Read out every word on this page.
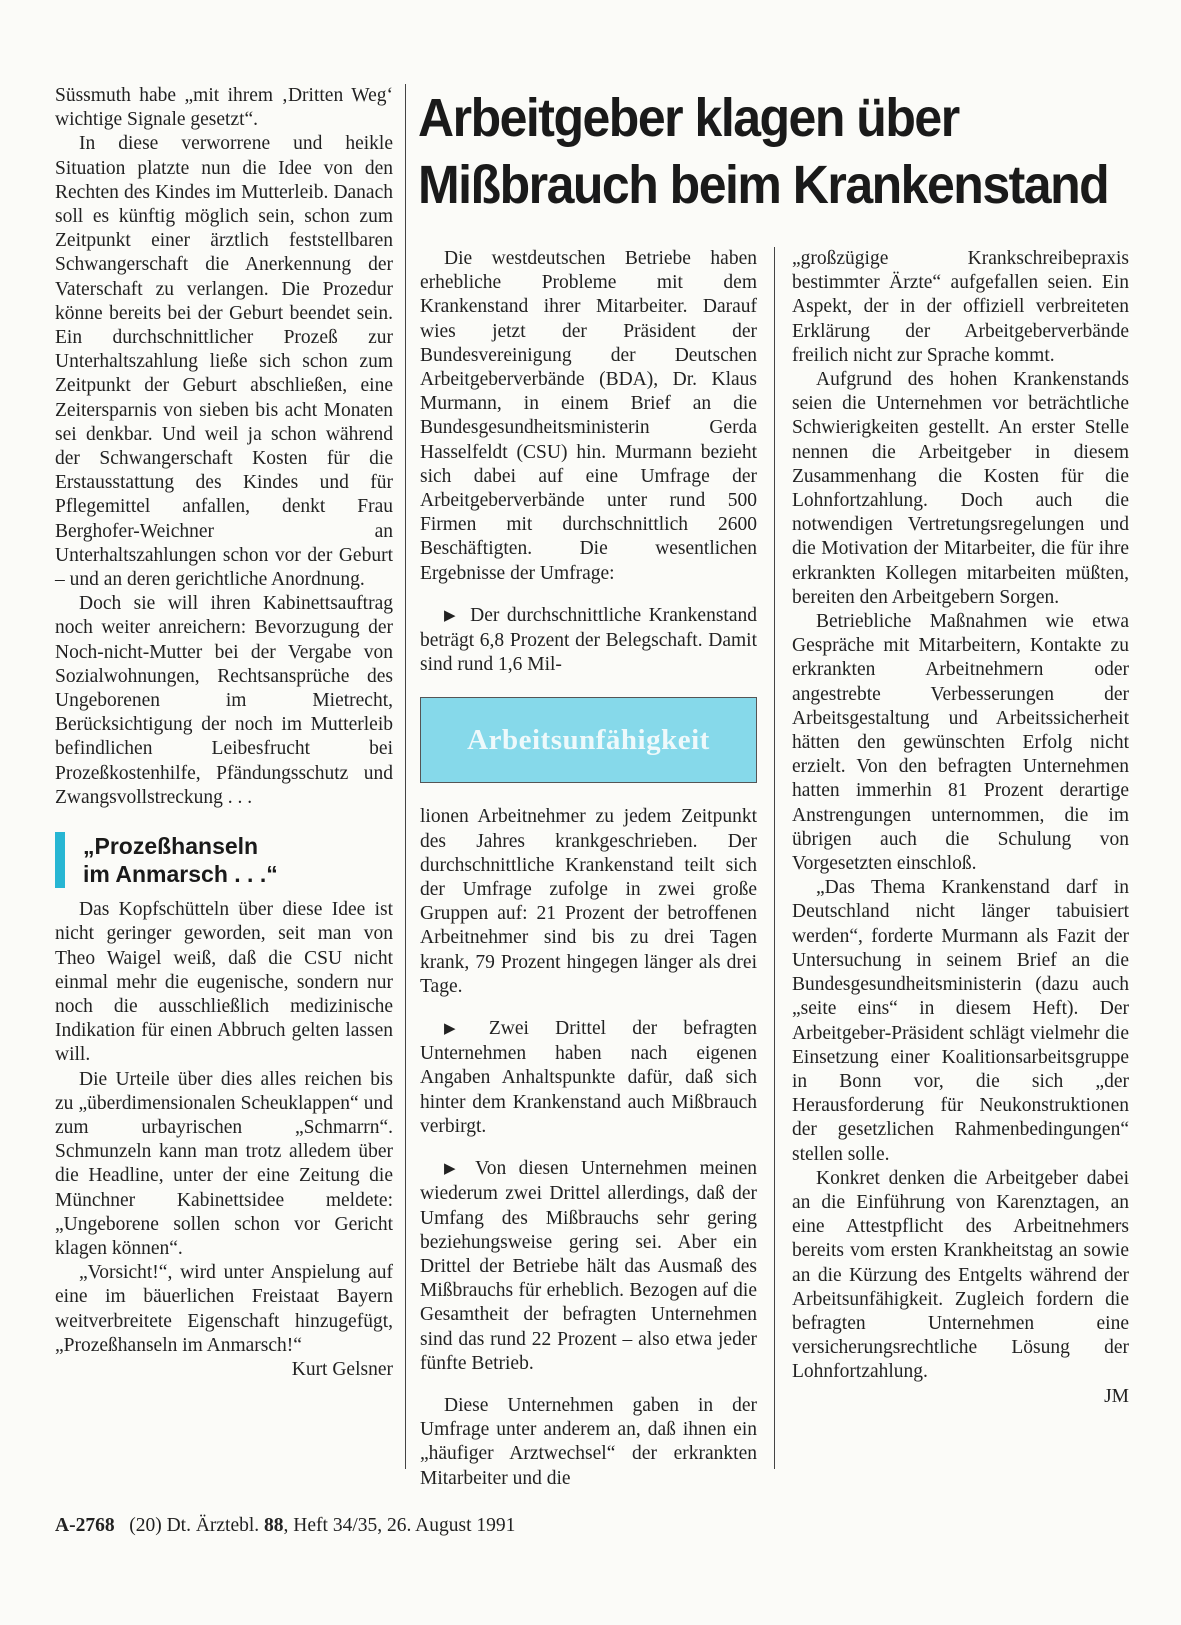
Arbeitgeber klagen über
Mißbrauch beim Krankenstand

Süssmuth habe „mit ihrem ‚Dritten Weg‘ wichtige Signale gesetzt“.

In diese verworrene und heikle Situation platzte nun die Idee von den Rechten des Kindes im Mutterleib. Danach soll es künftig möglich sein, schon zum Zeitpunkt einer ärztlich feststellbaren Schwangerschaft die Anerkennung der Vaterschaft zu verlangen. Die Prozedur könne bereits bei der Geburt beendet sein. Ein durchschnittlicher Prozeß zur Unterhaltszahlung ließe sich schon zum Zeitpunkt der Geburt abschließen, eine Zeitersparnis von sieben bis acht Monaten sei denkbar. Und weil ja schon während der Schwangerschaft Kosten für die Erstausstattung des Kindes und für Pflegemittel anfallen, denkt Frau Berghofer-Weichner an Unterhaltszahlungen schon vor der Geburt – und an deren gerichtliche Anordnung.

Doch sie will ihren Kabinettsauftrag noch weiter anreichern: Bevorzugung der Noch-nicht-Mutter bei der Vergabe von Sozialwohnungen, Rechtsansprüche des Ungeborenen im Mietrecht, Berücksichtigung der noch im Mutterleib befindlichen Leibesfrucht bei Prozeßkostenhilfe, Pfändungsschutz und Zwangsvollstreckung . . .

„Prozeßhanseln
im Anmarsch . . .“

Das Kopfschütteln über diese Idee ist nicht geringer geworden, seit man von Theo Waigel weiß, daß die CSU nicht einmal mehr die eugenische, sondern nur noch die ausschließlich medizinische Indikation für einen Abbruch gelten lassen will.

Die Urteile über dies alles reichen bis zu „überdimensionalen Scheuklappen“ und zum urbayrischen „Schmarrn“. Schmunzeln kann man trotz alledem über die Headline, unter der eine Zeitung die Münchner Kabinettsidee meldete: „Ungeborene sollen schon vor Gericht klagen können“.

„Vorsicht!“, wird unter Anspielung auf eine im bäuerlichen Freistaat Bayern weitverbreitete Eigenschaft hinzugefügt, „Prozeßhanseln im Anmarsch!“

Kurt Gelsner

Die westdeutschen Betriebe haben erhebliche Probleme mit dem Krankenstand ihrer Mitarbeiter. Darauf wies jetzt der Präsident der Bundesvereinigung der Deutschen Arbeitgeberverbände (BDA), Dr. Klaus Murmann, in einem Brief an die Bundesgesundheitsministerin Gerda Hasselfeldt (CSU) hin. Murmann bezieht sich dabei auf eine Umfrage der Arbeitgeberverbände unter rund 500 Firmen mit durchschnittlich 2600 Beschäftigten. Die wesentlichen Ergebnisse der Umfrage:

▶ Der durchschnittliche Krankenstand beträgt 6,8 Prozent der Belegschaft. Damit sind rund 1,6 Mil-

Arbeitsunfähigkeit

lionen Arbeitnehmer zu jedem Zeitpunkt des Jahres krankgeschrieben. Der durchschnittliche Krankenstand teilt sich der Umfrage zufolge in zwei große Gruppen auf: 21 Prozent der betroffenen Arbeitnehmer sind bis zu drei Tagen krank, 79 Prozent hingegen länger als drei Tage.

▶ Zwei Drittel der befragten Unternehmen haben nach eigenen Angaben Anhaltspunkte dafür, daß sich hinter dem Krankenstand auch Mißbrauch verbirgt.

▶ Von diesen Unternehmen meinen wiederum zwei Drittel allerdings, daß der Umfang des Mißbrauchs sehr gering beziehungsweise gering sei. Aber ein Drittel der Betriebe hält das Ausmaß des Mißbrauchs für erheblich. Bezogen auf die Gesamtheit der befragten Unternehmen sind das rund 22 Prozent – also etwa jeder fünfte Betrieb.

Diese Unternehmen gaben in der Umfrage unter anderem an, daß ihnen ein „häufiger Arztwechsel“ der erkrankten Mitarbeiter und die

„großzügige Krankschreibepraxis bestimmter Ärzte“ aufgefallen seien. Ein Aspekt, der in der offiziell verbreiteten Erklärung der Arbeitgeberverbände freilich nicht zur Sprache kommt.

Aufgrund des hohen Krankenstands seien die Unternehmen vor beträchtliche Schwierigkeiten gestellt. An erster Stelle nennen die Arbeitgeber in diesem Zusammenhang die Kosten für die Lohnfortzahlung. Doch auch die notwendigen Vertretungsregelungen und die Motivation der Mitarbeiter, die für ihre erkrankten Kollegen mitarbeiten müßten, bereiten den Arbeitgebern Sorgen.

Betriebliche Maßnahmen wie etwa Gespräche mit Mitarbeitern, Kontakte zu erkrankten Arbeitnehmern oder angestrebte Verbesserungen der Arbeitsgestaltung und Arbeitssicherheit hätten den gewünschten Erfolg nicht erzielt. Von den befragten Unternehmen hatten immerhin 81 Prozent derartige Anstrengungen unternommen, die im übrigen auch die Schulung von Vorgesetzten einschloß.

„Das Thema Krankenstand darf in Deutschland nicht länger tabuisiert werden“, forderte Murmann als Fazit der Untersuchung in seinem Brief an die Bundesgesundheitsministerin (dazu auch „seite eins“ in diesem Heft). Der Arbeitgeber-Präsident schlägt vielmehr die Einsetzung einer Koalitionsarbeitsgruppe in Bonn vor, die sich „der Herausforderung für Neukonstruktionen der gesetzlichen Rahmenbedingungen“ stellen solle.

Konkret denken die Arbeitgeber dabei an die Einführung von Karenztagen, an eine Attestpflicht des Arbeitnehmers bereits vom ersten Krankheitstag an sowie an die Kürzung des Entgelts während der Arbeitsunfähigkeit. Zugleich fordern die befragten Unternehmen eine versicherungsrechtliche Lösung der Lohnfortzahlung.

JM
A-2768 (20) Dt. Ärztebl. 88, Heft 34/35, 26. August 1991
